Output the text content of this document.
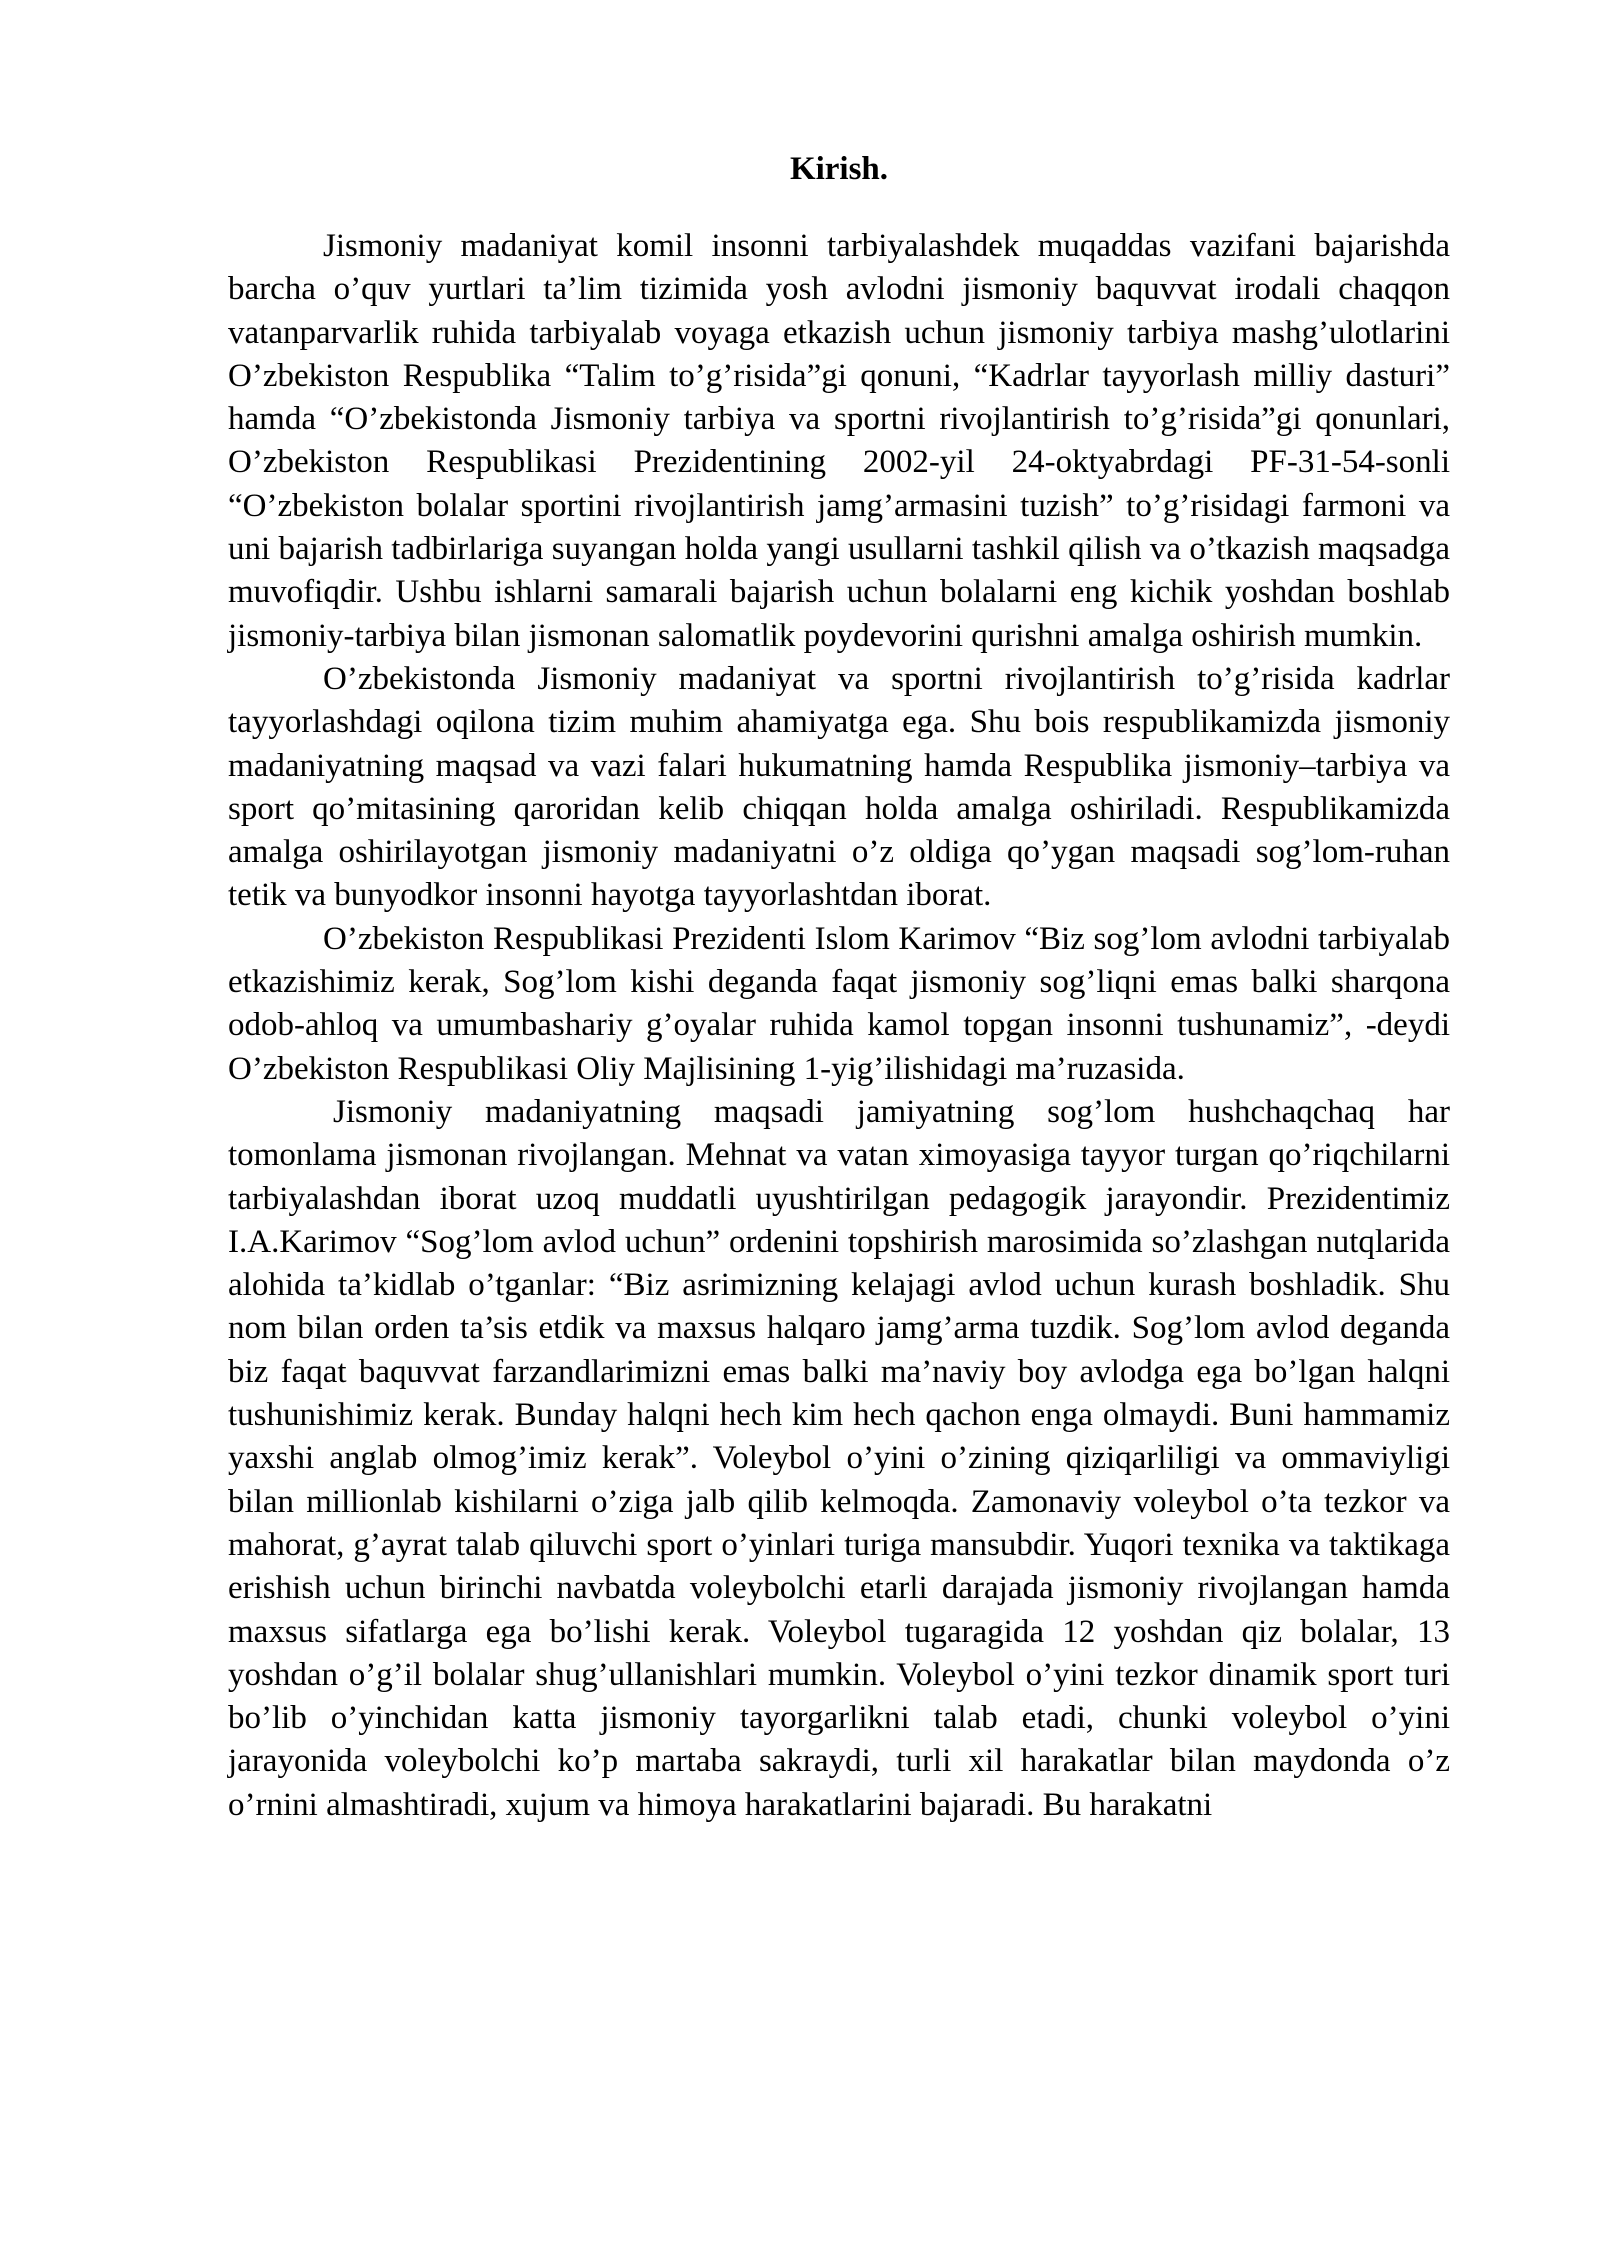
Kirish.

Jismoniy madaniyat komil insonni tarbiyalashdek muqaddas vazifani bajarishda barcha o’quv yurtlari ta’lim tizimida yosh avlodni jismoniy baquvvat irodali chaqqon vatanparvarlik ruhida tarbiyalab voyaga etkazish uchun jismoniy tarbiya mashg’ulotlarini O’zbekiston Respublika “Talim to’g’risida”gi qonuni, “Kadrlar tayyorlash milliy dasturi” hamda “O’zbekistonda Jismoniy tarbiya va sportni rivojlantirish to’g’risida”gi qonunlari, O’zbekiston Respublikasi Prezidentining 2002-yil 24-oktyabrdagi PF-31-54-sonli “O’zbekiston bolalar sportini rivojlantirish jamg’armasini tuzish” to’g’risidagi farmoni va uni bajarish tadbirlariga suyangan holda yangi usullarni tashkil qilish va o’tkazish maqsadga muvofiqdir. Ushbu ishlarni samarali bajarish uchun bolalarni eng kichik yoshdan boshlab jismoniy-tarbiya bilan jismonan salomatlik poydevorini qurishni amalga oshirish mumkin.

O’zbekistonda Jismoniy madaniyat va sportni rivojlantirish to’g’risida kadrlar tayyorlashdagi oqilona tizim muhim ahamiyatga ega. Shu bois respublikamizda jismoniy madaniyatning maqsad va vazi falari hukumatning hamda Respublika jismoniy–tarbiya va sport qo’mitasining qaroridan kelib chiqqan holda amalga oshiriladi. Respublikamizda amalga oshirilayotgan jismoniy madaniyatni o’z oldiga qo’ygan maqsadi sog’lom-ruhan tetik va bunyodkor insonni hayotga tayyorlashtdan iborat.

O’zbekiston Respublikasi Prezidenti Islom Karimov “Biz sog’lom avlodni tarbiyalab etkazishimiz kerak, Sog’lom kishi deganda faqat jismoniy sog’liqni emas balki sharqona odob-ahloq va umumbashariy g’oyalar ruhida kamol topgan insonni tushunamiz”, -deydi O’zbekiston Respublikasi Oliy Majlisining 1-yig’ilishidagi ma’ruzasida.

Jismoniy madaniyatning maqsadi jamiyatning sog’lom hushchaqchaq har tomonlama jismonan rivojlangan. Mehnat va vatan ximoyasiga tayyor turgan qo’riqchilarni tarbiyalashdan iborat uzoq muddatli uyushtirilgan pedagogik jarayondir. Prezidentimiz I.A.Karimov “Sog’lom avlod uchun” ordenini topshirish marosimida so’zlashgan nutqlarida alohida ta’kidlab o’tganlar: “Biz asrimizning kelajagi avlod uchun kurash boshladik. Shu nom bilan orden ta’sis etdik va maxsus halqaro jamg’arma tuzdik. Sog’lom avlod deganda biz faqat baquvvat farzandlarimizni emas balki ma’naviy boy avlodga ega bo’lgan halqni tushunishimiz kerak. Bunday halqni hech kim hech qachon enga olmaydi. Buni hammamiz yaxshi anglab olmog’imiz kerak”. Voleybol o’yini o’zining qiziqarliligi va ommaviyligi bilan millionlab kishilarni o’ziga jalb qilib kelmoqda. Zamonaviy voleybol o’ta tezkor va mahorat, g’ayrat talab qiluvchi sport o’yinlari turiga mansubdir. Yuqori texnika va taktikaga erishish uchun birinchi navbatda voleybolchi etarli darajada jismoniy rivojlangan hamda maxsus sifatlarga ega bo’lishi kerak. Voleybol tugaragida 12 yoshdan qiz bolalar, 13 yoshdan o’g’il bolalar shug’ullanishlari mumkin. Voleybol o’yini tezkor dinamik sport turi bo’lib o’yinchidan katta jismoniy tayorgarlikni talab etadi, chunki voleybol o’yini jarayonida voleybolchi ko’p martaba sakraydi, turli xil harakatlar bilan maydonda o’z o’rnini almashtiradi, xujum va himoya harakatlarini bajaradi. Bu harakatni
